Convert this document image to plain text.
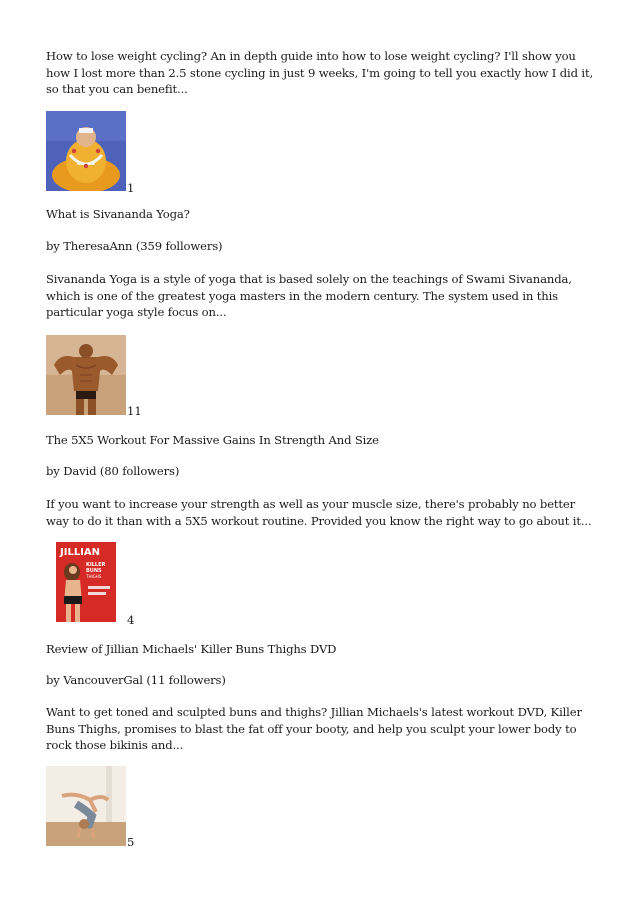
How to lose weight cycling? An in depth guide into how to lose weight cycling? I'll show you how I lost more than 2.5 stone cycling in just 9 weeks, I'm going to tell you exactly how I did it, so that you can benefit...

1

What is Sivananda Yoga?

by TheresaAnn (359 followers)

Sivananda Yoga is a style of yoga that is based solely on the teachings of Swami Sivananda, which is one of the greatest yoga masters in the modern century. The system used in this particular yoga style focus on...

11

The 5X5 Workout For Massive Gains In Strength And Size

by David (80 followers)

If you want to increase your strength as well as your muscle size, there's probably no better way to do it than with a 5X5 workout routine. Provided you know the right way to go about it...

JILLIAN
KILLER
BUNS
THIGHS
4

Review of Jillian Michaels' Killer Buns Thighs DVD

by VancouverGal (11 followers)

Want to get toned and sculpted buns and thighs? Jillian Michaels's latest workout DVD, Killer Buns Thighs, promises to blast the fat off your booty, and help you sculpt your lower body to rock those bikinis and...

5
